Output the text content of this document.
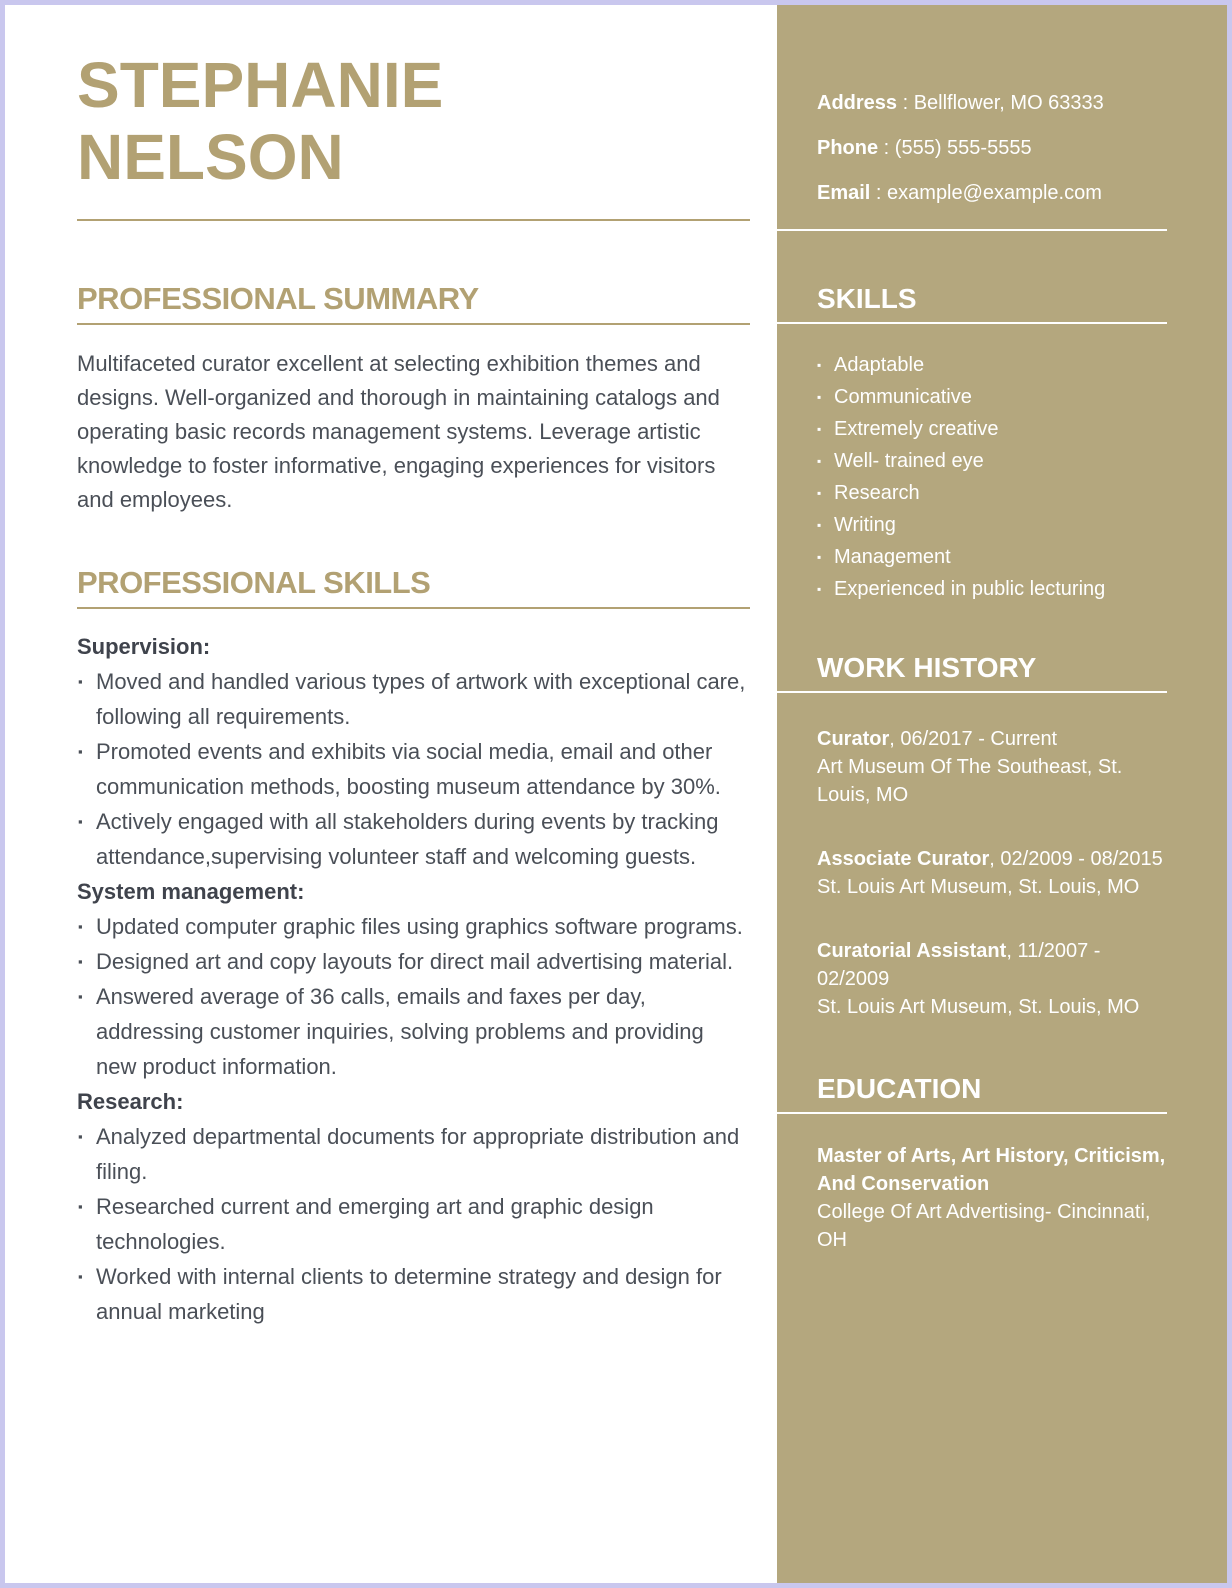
STEPHANIE NELSON
PROFESSIONAL SUMMARY

Multifaceted curator excellent at selecting exhibition themes and designs. Well-organized and thorough in maintaining catalogs and operating basic records management systems. Leverage artistic knowledge to foster informative, engaging experiences for visitors and employees.

PROFESSIONAL SKILLS
Supervision:
▪ Moved and handled various types of artwork with exceptional care, following all requirements.
▪ Promoted events and exhibits via social media, email and other communication methods, boosting museum attendance by 30%.
▪ Actively engaged with all stakeholders during events by tracking attendance,supervising volunteer staff and welcoming guests.
System management:
▪ Updated computer graphic files using graphics software programs.
▪ Designed art and copy layouts for direct mail advertising material.
▪ Answered average of 36 calls, emails and faxes per day, addressing customer inquiries, solving problems and providing new product information.
Research:
▪ Analyzed departmental documents for appropriate distribution and filing.
▪ Researched current and emerging art and graphic design technologies.
▪ Worked with internal clients to determine strategy and design for annual marketing
Address : Bellflower, MO 63333
Phone : (555) 555-5555
Email : example@example.com
SKILLS
▪ Adaptable
▪ Communicative
▪ Extremely creative
▪ Well- trained eye
▪ Research
▪ Writing
▪ Management
▪ Experienced in public lecturing
WORK HISTORY
Curator, 06/2017 - Current
Art Museum Of The Southeast, St. Louis, MO
Associate Curator, 02/2009 - 08/2015
St. Louis Art Museum, St. Louis, MO
Curatorial Assistant, 11/2007 - 02/2009
St. Louis Art Museum, St. Louis, MO
EDUCATION
Master of Arts, Art History, Criticism, And Conservation
College Of Art Advertising- Cincinnati, OH
